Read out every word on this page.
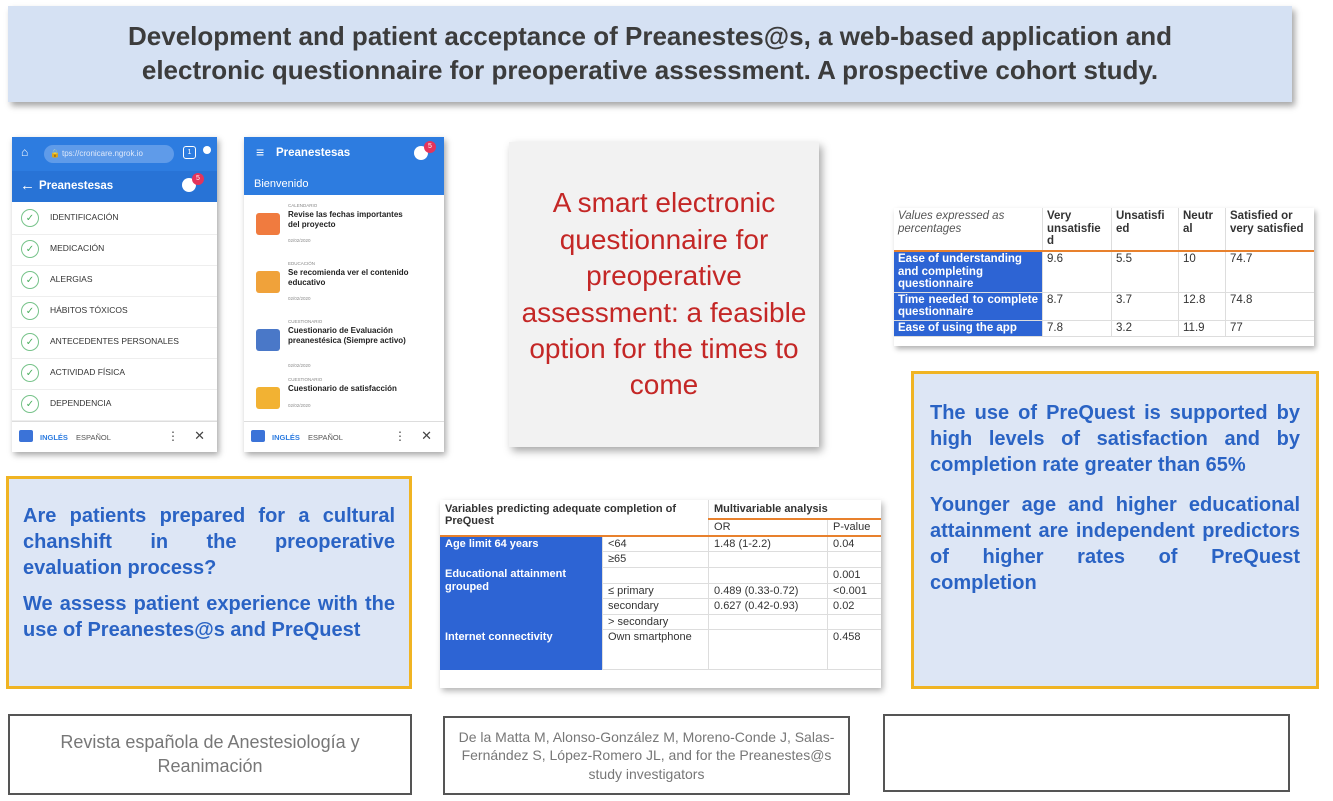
Development and patient acceptance of Preanestes@s, a web-based application and
electronic questionnaire for preoperative assessment. A prospective cohort study.
⌂	🔒 tps://cronicare.ngrok.io	1
← Preanestesas
5
✓	IDENTIFICACIÓN
✓	MEDICACIÓN
✓	ALERGIAS
✓	HÁBITOS TÓXICOS
✓	ANTECEDENTES PERSONALES
✓	ACTIVIDAD FÍSICA
✓	DEPENDENCIA
INGLÉS ESPAÑOL	⋮ ✕
≡ Preanestesas
5
Bienvenido
CALENDARIO
Revise las fechas importantes del proyecto
02/02/2020
EDUCACIÓN
Se recomienda ver el contenido educativo
02/02/2020
CUESTIONARIO
Cuestionario de Evaluación preanestésica (Siempre activo)
02/02/2020
CUESTIONARIO
Cuestionario de satisfacción
02/02/2020
INGLÉS ESPAÑOL	⋮ ✕
A smart electronic questionnaire for preoperative assessment: a feasible option for the times to come
Values expressed as percentages	Very unsatisfie d	Unsatisfi ed	Neutr al	Satisfied or very satisfied
Ease of understanding and completing questionnaire	9.6	5.5	10	74.7
Time needed to complete questionnaire	8.7	3.7	12.8	74.8
Ease of using the app	7.8	3.2	11.9	77

The use of PreQuest is supported by high levels of satisfaction and by completion rate greater than 65%

Younger age and higher educational attainment are independent predictors of higher rates of PreQuest completion

Are patients prepared for a cultural chanshift in the preoperative evaluation process?

We assess patient experience with the use of Preanestes@s and PreQuest

Variables predicting adequate completion of PreQuest		Multivariable analysis	
		OR	P-value
Age limit 64 years	<64	1.48 (1-2.2)	0.04
	≥65		
Educational attainment grouped			0.001
	≤ primary	0.489 (0.33-0.72)	<0.001
	secondary	0.627 (0.42-0.93)	0.02
	> secondary		
Internet connectivity	Own smartphone		0.458
Revista española de Anestesiología y Reanimación
De la Matta M, Alonso-González M, Moreno-Conde J, Salas-Fernández S, López-Romero JL, and for the Preanestes@s study investigators
